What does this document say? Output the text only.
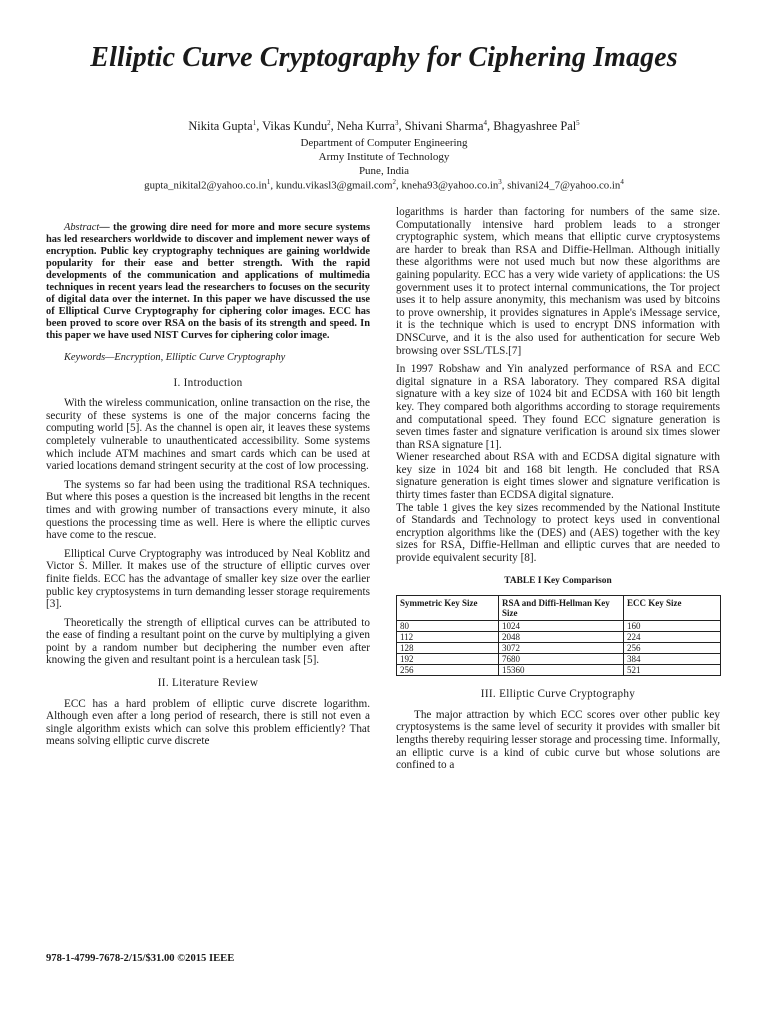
Elliptic Curve Cryptography for Ciphering Images
Nikita Gupta$^1$, Vikas Kundu$^2$, Neha Kurra$^3$, Shivani Sharma$^4$, Bhagyashree Pal$^5$
Department of Computer Engineering
Army Institute of Technology
Pune, India
$gupta\_nikital2@yahoo.co.in^1$, kundu.vikasl3@gmail.com$^2$, $kneha93@yahoo.co.in^3$, $shivani24\_7@yahoo.co.in^4$

Abstract— the growing dire need for more and more secure systems has led researchers worldwide to discover and implement newer ways of encryption. Public key cryptography techniques are gaining worldwide popularity for their ease and better strength. With the rapid developments of the communication and applications of multimedia techniques in recent years lead the researchers to focuses on the security of digital data over the internet. In this paper we have discussed the use of Elliptical Curve Cryptography for ciphering color images. ECC has been proved to score over RSA on the basis of its strength and speed. In this paper we have used NIST Curves for ciphering color image.

Keywords—Encryption, Elliptic Curve Cryptography

I. Introduction

With the wireless communication, online transaction on the rise, the security of these systems is one of the major concerns facing the computing world [5]. As the channel is open air, it leaves these systems completely vulnerable to unauthenticated accessibility. Some systems which include ATM machines and smart cards which can be used at varied locations demand stringent security at the cost of low processing.

The systems so far had been using the traditional RSA techniques. But where this poses a question is the increased bit lengths in the recent times and with growing number of transactions every minute, it also questions the processing time as well. Here is where the elliptic curves have come to the rescue.

Elliptical Curve Cryptography was introduced by Neal Koblitz and Victor S. Miller. It makes use of the structure of elliptic curves over finite fields. ECC has the advantage of smaller key size over the earlier public key cryptosystems in turn demanding lesser storage requirements [3].

Theoretically the strength of elliptical curves can be attributed to the ease of finding a resultant point on the curve by multiplying a given point by a random number but deciphering the number even after knowing the given and resultant point is a herculean task [5].

II. Literature Review

ECC has a hard problem of elliptic curve discrete logarithm. Although even after a long period of research, there is still not even a single algorithm exists which can solve this problem efficiently? That means solving elliptic curve discrete

logarithms is harder than factoring for numbers of the same size. Computationally intensive hard problem leads to a stronger cryptographic system, which means that elliptic curve cryptosystems are harder to break than RSA and Diffie-Hellman. Although initially these algorithms were not used much but now these algorithms are gaining popularity. ECC has a very wide variety of applications: the US government uses it to protect internal communications, the Tor project uses it to help assure anonymity, this mechanism was used by bitcoins to prove ownership, it provides signatures in Apple's iMessage service, it is the technique which is used to encrypt DNS information with DNSCurve, and it is the also used for authentication for secure Web browsing over SSL/TLS.[7]

In 1997 Robshaw and Yin analyzed performance of RSA and ECC digital signature in a RSA laboratory. They compared RSA digital signature with a key size of 1024 bit and ECDSA with 160 bit length key. They compared both algorithms according to storage requirements and computational speed. They found ECC signature generation is seven times faster and signature verification is around six times slower than RSA signature [1].

Wiener researched about RSA with and ECDSA digital signature with key size in 1024 bit and 168 bit length. He concluded that RSA signature generation is eight times slower and signature verification is thirty times faster than ECDSA digital signature.

The table 1 gives the key sizes recommended by the National Institute of Standards and Technology to protect keys used in conventional encryption algorithms like the (DES) and (AES) together with the key sizes for RSA, Diffie-Hellman and elliptic curves that are needed to provide equivalent security [8].

TABLE I Key Comparison
Symmetric Key Size	RSA and Diffi-Hellman Key Size	ECC Key Size
80	1024	160
112	2048	224
128	3072	256
192	7680	384
256	15360	521
III. Elliptic Curve Cryptography

The major attraction by which ECC scores over other public key cryptosystems is the same level of security it provides with smaller bit lengths thereby requiring lesser storage and processing time. Informally, an elliptic curve is a kind of cubic curve but whose solutions are confined to a

978-1-4799-7678-2/15/$31.00 ©2015 IEEE
